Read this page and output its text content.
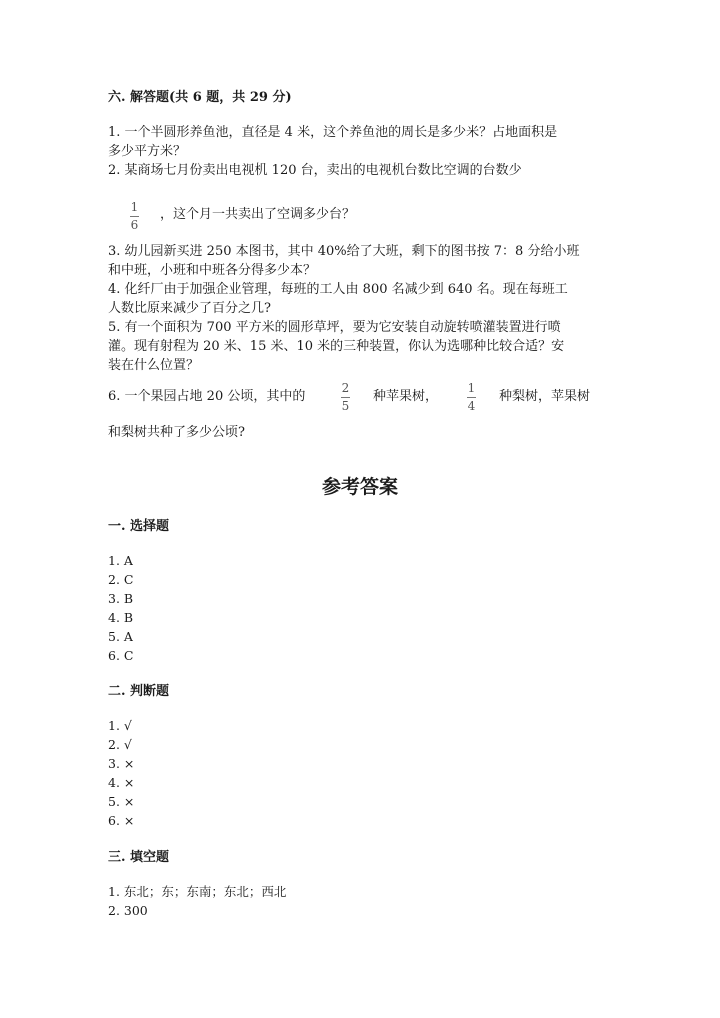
六. 解答题(共 6 题，共 29 分)
1. 一个半圆形养鱼池，直径是 4 米，这个养鱼池的周长是多少米？占地面积是
多少平方米？
2. 某商场七月份卖出电视机 120 台，卖出的电视机台数比空调的台数少
1
6
，这个月一共卖出了空调多少台？
3. 幼儿园新买进 250 本图书，其中 40%给了大班，剩下的图书按 7：8 分给小班
和中班，小班和中班各分得多少本？
4. 化纤厂由于加强企业管理，每班的工人由 800 名减少到 640 名。现在每班工
人数比原来减少了百分之几?
5. 有一个面积为 700 平方米的圆形草坪，要为它安装自动旋转喷灌装置进行喷
灌。现有射程为 20 米、15 米、10 米的三种装置，你认为选哪种比较合适？安
装在什么位置？
6. 一个果园占地 20 公顷，其中的
2
5
种苹果树，
1
4
种梨树，苹果树
和梨树共种了多少公顷?
参考答案
一. 选择题
1. A
2. C
3. B
4. B
5. A
6. C
二. 判断题
1. √
2. √
3. ×
4. ×
5. ×
6. ×
三. 填空题
1. 东北；东；东南；东北；西北
2. 300
